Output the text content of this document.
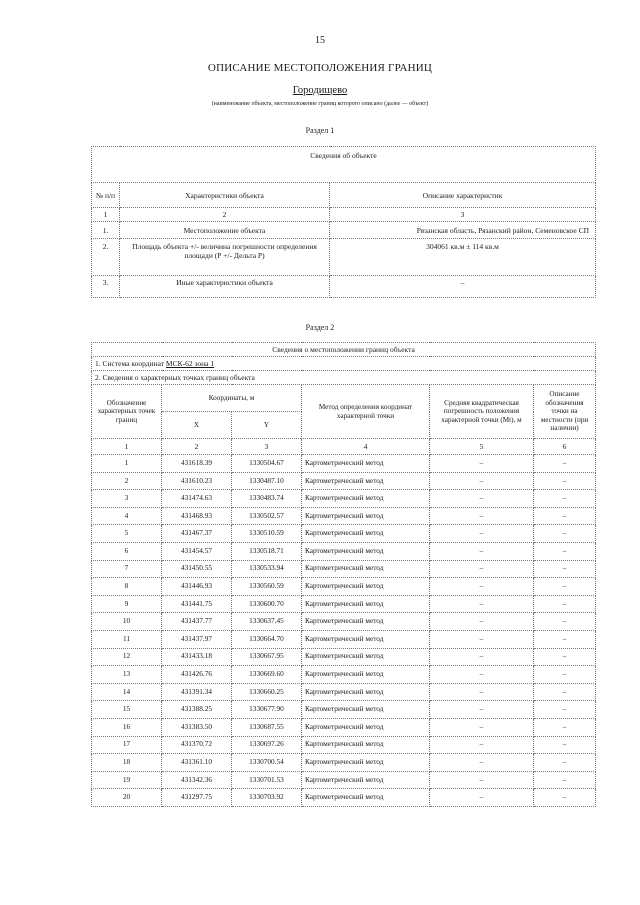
15
ОПИСАНИЕ МЕСТОПОЛОЖЕНИЯ ГРАНИЦ
Городищево
(наименование объекта, местоположение границ которого описано (далее — объект)
Раздел 1
Сведения об объекте		
№ п/п	Характеристики объекта	Описание характеристик
1	2	3
1.	Местоположение объекта	Рязанская область, Рязанский район, Семеновское СП
2.	Площадь объекта +/- величина погрешности определения площади (Р +/- Дельта Р)	304061 кв.м ± 114 кв.м
3.	Иные характеристики объекта	–
Раздел 2
Сведения о местоположении границ объекта					
1. Система координат МСК-62 зона 1					
2. Сведения о характерных точках границ объекта					
Обозначение характерных точек границ	Координаты, м		Метод определения координат характерной точки	Средняя квадратическая погрешность положения характерной точки (Мt), м	Описание обозначения точки на местности (при наличии)
	X	Y			
1	2	3	4	5	6
1	431618.39	1330504.67	Картометрический метод	–	–
2	431610.23	1330487.10	Картометрический метод	–	–
3	431474.63	1330483.74	Картометрический метод	–	–
4	431468.93	1330502.57	Картометрический метод	–	–
5	431467.37	1330510.59	Картометрический метод	–	–
6	431454.57	1330518.71	Картометрический метод	–	–
7	431450.55	1330533.94	Картометрический метод	–	–
8	431446.93	1330560.59	Картометрический метод	–	–
9	431441.75	1330600.70	Картометрический метод	–	–
10	431437.77	1330637.45	Картометрический метод	–	–
11	431437.97	1330664.70	Картометрический метод	–	–
12	431433.18	1330667.95	Картометрический метод	–	–
13	431426.76	1330669.60	Картометрический метод	–	–
14	431391.34	1330660.25	Картометрический метод	–	–
15	431388.25	1330677.90	Картометрический метод	–	–
16	431383.50	1330687.55	Картометрический метод	–	–
17	431370.72	1330697.26	Картометрический метод	–	–
18	431361.10	1330700.54	Картометрический метод	–	–
19	431342.36	1330701.53	Картометрический метод	–	–
20	431297.75	1330703.92	Картометрический метод	–	–
